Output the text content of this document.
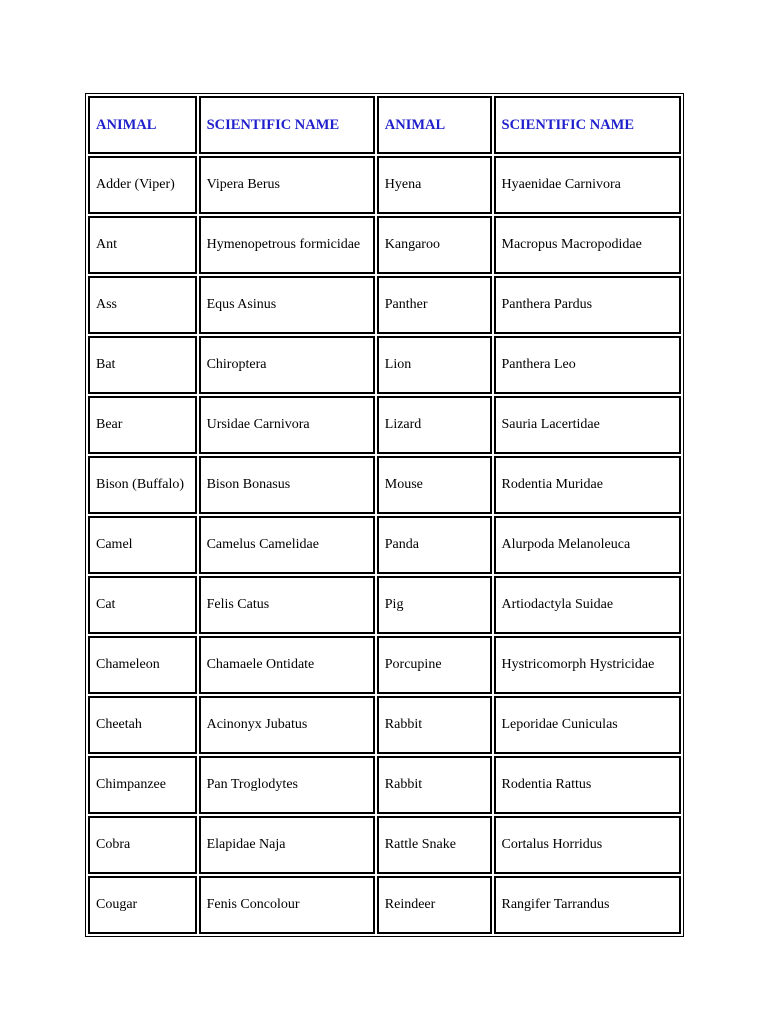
ANIMAL	SCIENTIFIC NAME	ANIMAL	SCIENTIFIC NAME
Adder (Viper)	Vipera Berus	Hyena	Hyaenidae Carnivora
Ant	Hymenopetrous formicidae	Kangaroo	Macropus Macropodidae
Ass	Equs Asinus	Panther	Panthera Pardus
Bat	Chiroptera	Lion	Panthera Leo
Bear	Ursidae Carnivora	Lizard	Sauria Lacertidae
Bison (Buffalo)	Bison Bonasus	Mouse	Rodentia Muridae
Camel	Camelus Camelidae	Panda	Alurpoda Melanoleuca
Cat	Felis Catus	Pig	Artiodactyla Suidae
Chameleon	Chamaele Ontidate	Porcupine	Hystricomorph Hystricidae
Cheetah	Acinonyx Jubatus	Rabbit	Leporidae Cuniculas
Chimpanzee	Pan Troglodytes	Rabbit	Rodentia Rattus
Cobra	Elapidae Naja	Rattle Snake	Cortalus Horridus
Cougar	Fenis Concolour	Reindeer	Rangifer Tarrandus
